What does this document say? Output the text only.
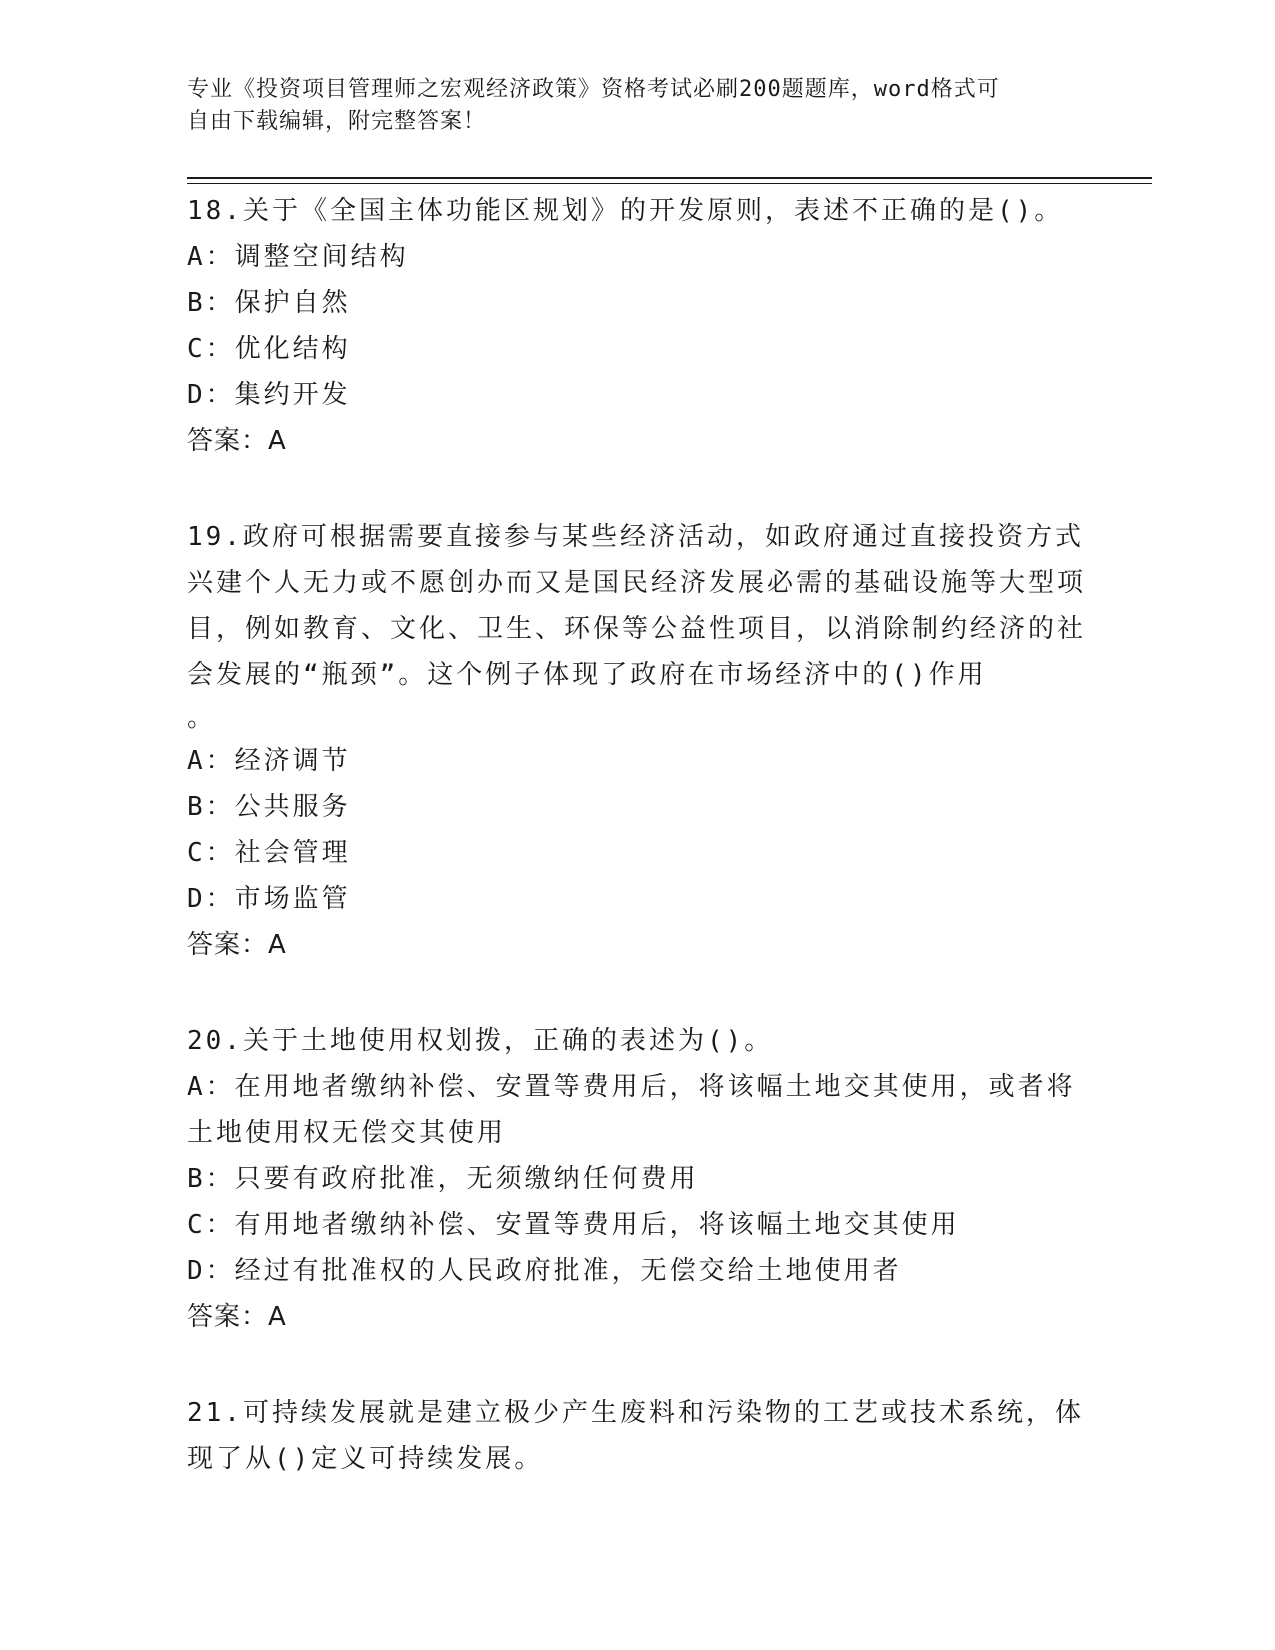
专业《投资项目管理师之宏观经济政策》资格考试必刷200题题库，word格式可
自由下载编辑，附完整答案！

18.关于《全国主体功能区规划》的开发原则，表述不正确的是()。

A：调整空间结构

B：保护自然

C：优化结构

D：集约开发

答案：A

19.政府可根据需要直接参与某些经济活动，如政府通过直接投资方式兴建个人无力或不愿创办而又是国民经济发展必需的基础设施等大型项目，例如教育、文化、卫生、环保等公益性项目，以消除制约经济的社会发展的“瓶颈”。这个例子体现了政府在市场经济中的()作用
。

A：经济调节

B：公共服务

C：社会管理

D：市场监管

答案：A

20.关于土地使用权划拨，正确的表述为()。

A：在用地者缴纳补偿、安置等费用后，将该幅土地交其使用，或者将土地使用权无偿交其使用

B：只要有政府批准，无须缴纳任何费用

C：有用地者缴纳补偿、安置等费用后，将该幅土地交其使用

D：经过有批准权的人民政府批准，无偿交给土地使用者

答案：A

21.可持续发展就是建立极少产生废料和污染物的工艺或技术系统，体现了从()定义可持续发展。
